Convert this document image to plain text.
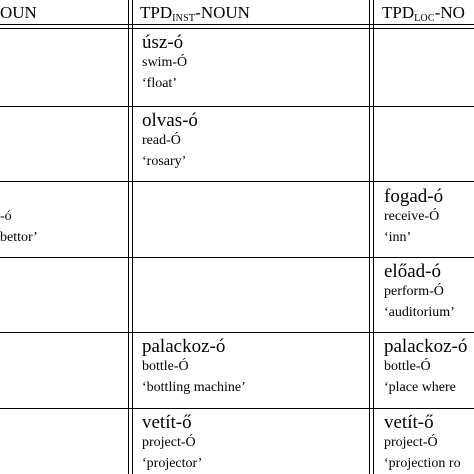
OUN	$TPD_{INST}$-NOUN	$TPD_{LOC}-NO$
úsz-ó
swim-Ó
‘float’
olvas-ó
read-Ó
‘rosary’

-ó
bettor’
fogad-ó
receive-Ó
‘inn’
előad-ó
perform-Ó
‘auditorium’
palackoz-ó
bottle-Ó
‘bottling machine’
palackoz-ó
bottle-Ó
‘place where
vetít-ő
project-Ó
‘projector’
vetít-ő
project-Ó
‘projection ro
